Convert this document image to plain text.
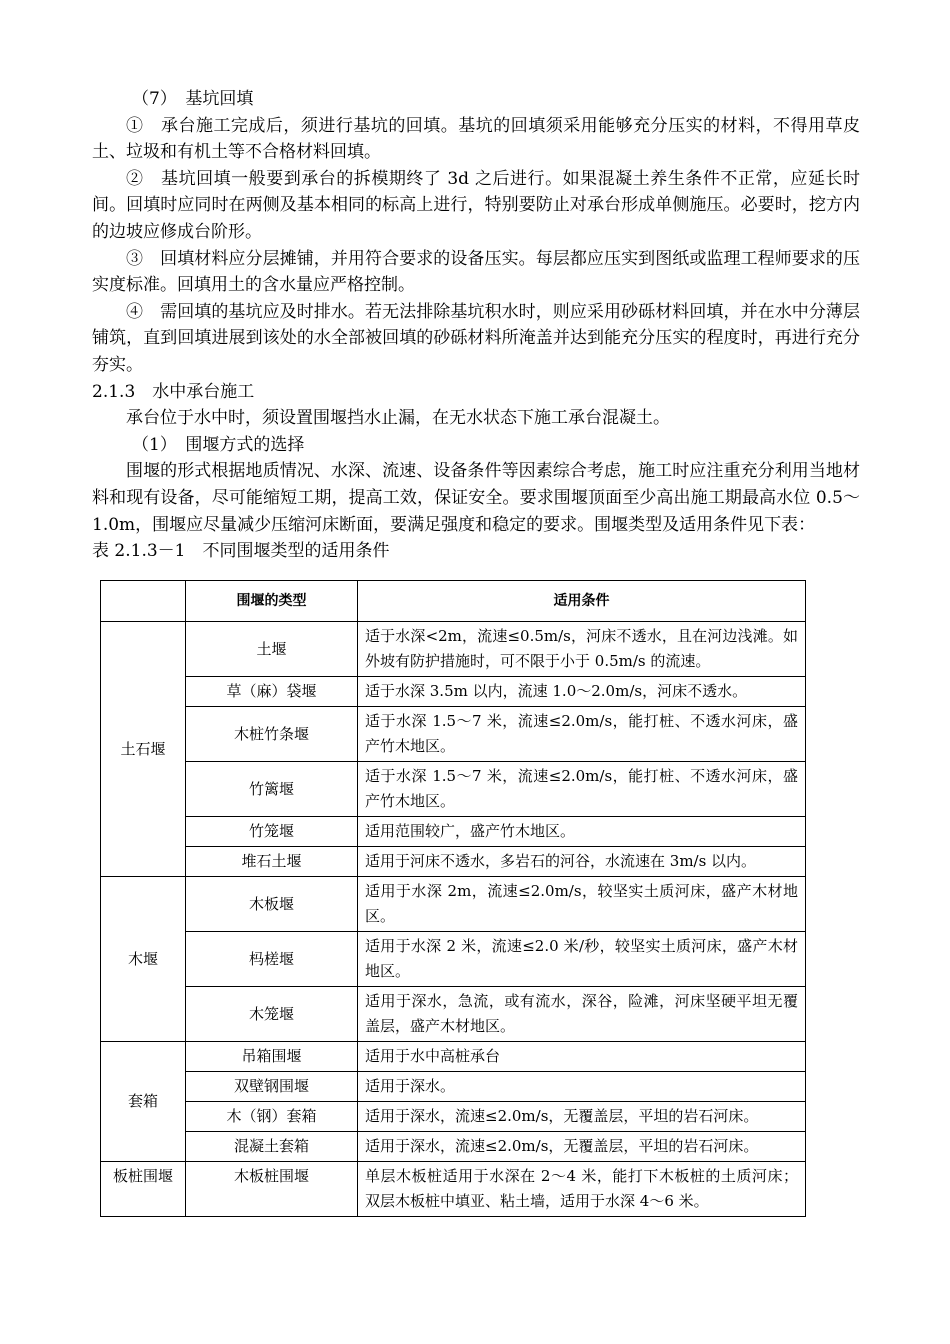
（7）　基坑回填

①　承台施工完成后，须进行基坑的回填。基坑的回填须采用能够充分压实的材料，不得用草皮土、垃圾和有机土等不合格材料回填。

②　基坑回填一般要到承台的拆模期终了 3d 之后进行。如果混凝土养生条件不正常，应延长时间。回填时应同时在两侧及基本相同的标高上进行，特别要防止对承台形成单侧施压。必要时，挖方内的边坡应修成台阶形。

③　回填材料应分层摊铺，并用符合要求的设备压实。每层都应压实到图纸或监理工程师要求的压实度标准。回填用土的含水量应严格控制。

④　需回填的基坑应及时排水。若无法排除基坑积水时，则应采用砂砾材料回填，并在水中分薄层铺筑，直到回填进展到该处的水全部被回填的砂砾材料所淹盖并达到能充分压实的程度时，再进行充分夯实。

2.1.3　水中承台施工

承台位于水中时，须设置围堰挡水止漏，在无水状态下施工承台混凝土。

（1）　围堰方式的选择

围堰的形式根据地质情况、水深、流速、设备条件等因素综合考虑，施工时应注重充分利用当地材料和现有设备，尽可能缩短工期，提高工效，保证安全。要求围堰顶面至少高出施工期最高水位 0.5～1.0m，围堰应尽量减少压缩河床断面，要满足强度和稳定的要求。围堰类型及适用条件见下表：

表 2.1.3－1　不同围堰类型的适用条件

	围堰的类型	适用条件
土石堰	土堰	适于水深<2m，流速≤0.5m/s，河床不透水，且在河边浅滩。如外坡有防护措施时，可不限于小于 0.5m/s 的流速。
	草（麻）袋堰	适于水深 3.5m 以内，流速 1.0～2.0m/s，河床不透水。
	木桩竹条堰	适于水深 1.5～7 米，流速≤2.0m/s，能打桩、不透水河床，盛产竹木地区。
	竹篱堰	适于水深 1.5～7 米，流速≤2.0m/s，能打桩、不透水河床，盛产竹木地区。
	竹笼堰	适用范围较广，盛产竹木地区。
	堆石土堰	适用于河床不透水，多岩石的河谷，水流速在 3m/s 以内。
木堰	木板堰	适用于水深 2m，流速≤2.0m/s，较坚实土质河床，盛产木材地区。
	杩槎堰	适用于水深 2 米，流速≤2.0 米/秒，较坚实土质河床，盛产木材地区。
	木笼堰	适用于深水，急流，或有流水，深谷，险滩，河床坚硬平坦无覆盖层，盛产木材地区。
套箱	吊箱围堰	适用于水中高桩承台
	双壁钢围堰	适用于深水。
	木（钢）套箱	适用于深水，流速≤2.0m/s，无覆盖层，平坦的岩石河床。
	混凝土套箱	适用于深水，流速≤2.0m/s，无覆盖层，平坦的岩石河床。
板桩围堰	木板桩围堰	单层木板桩适用于水深在 2～4 米，能打下木板桩的土质河床；双层木板桩中填亚、粘土墙，适用于水深 4～6 米。
